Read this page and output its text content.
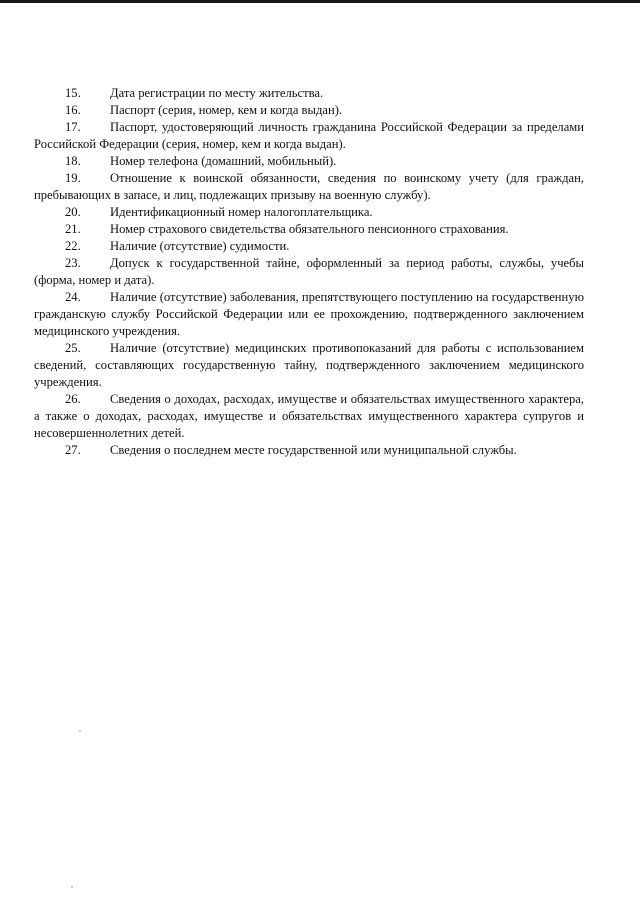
15. Дата регистрации по месту жительства.

16. Паспорт (серия, номер, кем и когда выдан).

17. Паспорт, удостоверяющий личность гражданина Российской Федерации за пределами Российской Федерации (серия, номер, кем и когда выдан).

18. Номер телефона (домашний, мобильный).

19. Отношение к воинской обязанности, сведения по воинскому учету (для граждан, пребывающих в запасе, и лиц, подлежащих призыву на военную службу).

20. Идентификационный номер налогоплательщика.

21. Номер страхового свидетельства обязательного пенсионного страхования.

22. Наличие (отсутствие) судимости.

23. Допуск к государственной тайне, оформленный за период работы, службы, учебы (форма, номер и дата).

24. Наличие (отсутствие) заболевания, препятствующего поступлению на государственную гражданскую службу Российской Федерации или ее прохождению, подтвержденного заключением медицинского учреждения.

25. Наличие (отсутствие) медицинских противопоказаний для работы с использованием сведений, составляющих государственную тайну, подтвержденного заключением медицинского учреждения.

26. Сведения о доходах, расходах, имуществе и обязательствах имущественного характера, а также о доходах, расходах, имуществе и обязательствах имущественного характера супругов и несовершеннолетних детей.

27. Сведения о последнем месте государственной или муниципальной службы.
